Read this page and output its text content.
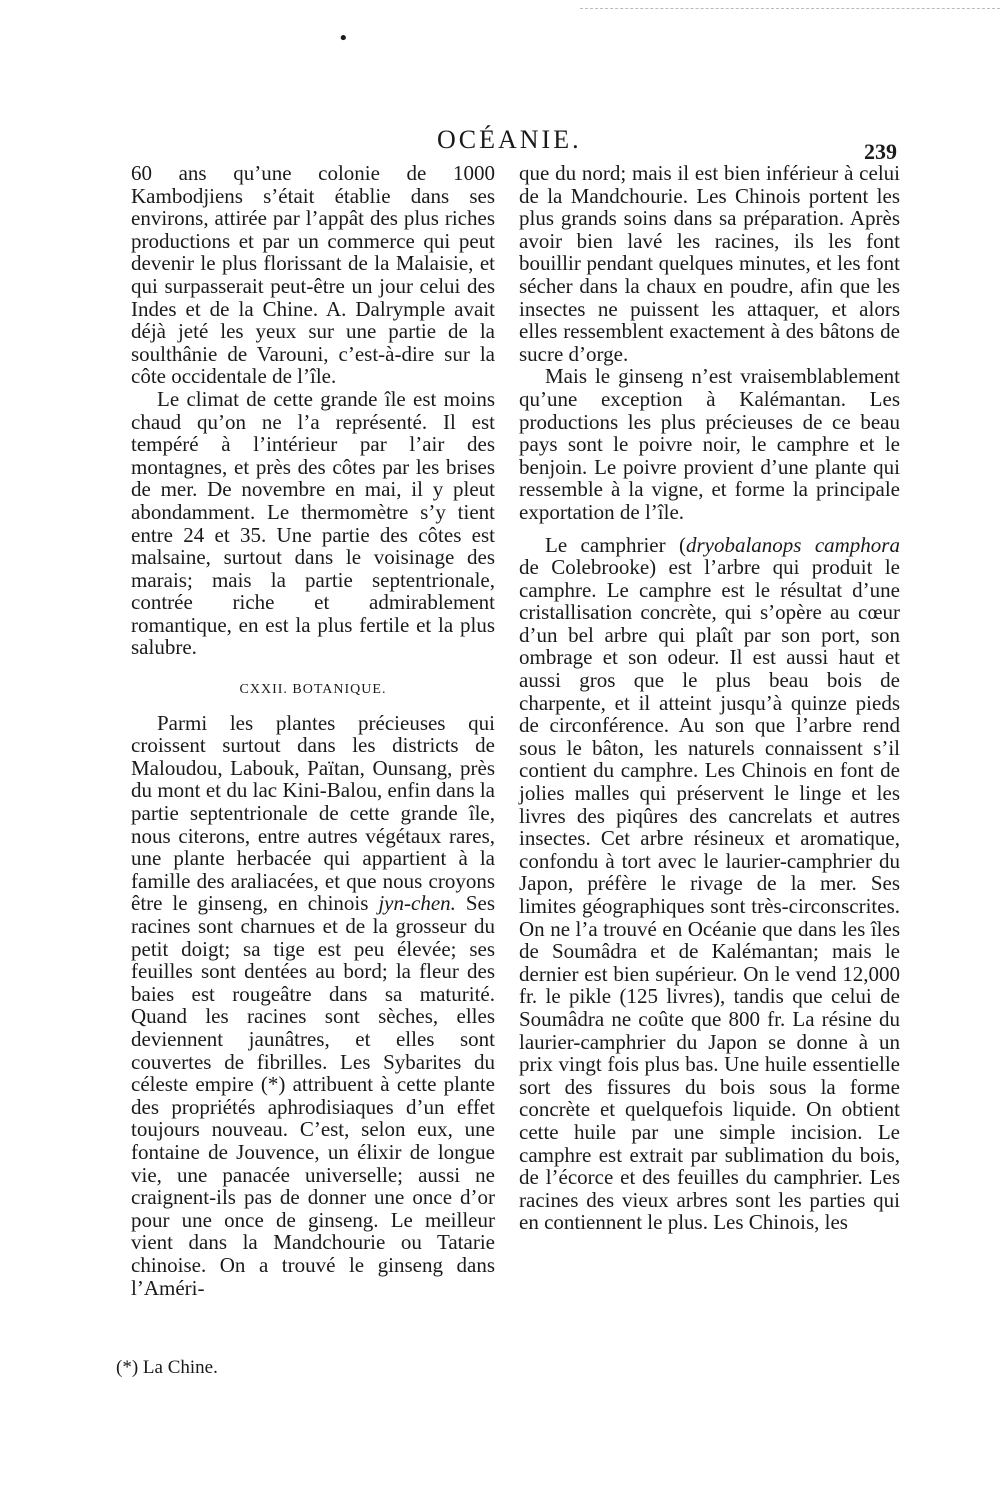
•
OCÉANIE.	239

60 ans qu’une colonie de 1000 Kambodjiens s’était établie dans ses environs, attirée par l’appât des plus riches productions et par un commerce qui peut devenir le plus florissant de la Malaisie, et qui surpasserait peut-être un jour celui des Indes et de la Chine. A. Dalrymple avait déjà jeté les yeux sur une partie de la soulthânie de Varouni, c’est-à-dire sur la côte occidentale de l’île.

Le climat de cette grande île est moins chaud qu’on ne l’a représenté. Il est tempéré à l’intérieur par l’air des montagnes, et près des côtes par les brises de mer. De novembre en mai, il y pleut abondamment. Le thermomètre s’y tient entre 24 et 35. Une partie des côtes est malsaine, surtout dans le voisinage des marais; mais la partie septentrionale, contrée riche et admirablement romantique, en est la plus fertile et la plus salubre.

CXXII. BOTANIQUE.

Parmi les plantes précieuses qui croissent surtout dans les districts de Maloudou, Labouk, Païtan, Ounsang, près du mont et du lac Kini-Balou, enfin dans la partie septentrionale de cette grande île, nous citerons, entre autres végétaux rares, une plante herbacée qui appartient à la famille des araliacées, et que nous croyons être le ginseng, en chinois jyn-chen. Ses racines sont charnues et de la grosseur du petit doigt; sa tige est peu élevée; ses feuilles sont dentées au bord; la fleur des baies est rougeâtre dans sa maturité. Quand les racines sont sèches, elles deviennent jaunâtres, et elles sont couvertes de fibrilles. Les Sybarites du céleste empire (*) attribuent à cette plante des propriétés aphrodisiaques d’un effet toujours nouveau. C’est, selon eux, une fontaine de Jouvence, un élixir de longue vie, une panacée universelle; aussi ne craignent-ils pas de donner une once d’or pour une once de ginseng. Le meilleur vient dans la Mandchourie ou Tatarie chinoise. On a trouvé le ginseng dans l’Améri-

que du nord; mais il est bien inférieur à celui de la Mandchourie. Les Chinois portent les plus grands soins dans sa préparation. Après avoir bien lavé les racines, ils les font bouillir pendant quelques minutes, et les font sécher dans la chaux en poudre, afin que les insectes ne puissent les attaquer, et alors elles ressemblent exactement à des bâtons de sucre d’orge.

Mais le ginseng n’est vraisemblablement qu’une exception à Kalémantan. Les productions les plus précieuses de ce beau pays sont le poivre noir, le camphre et le benjoin. Le poivre provient d’une plante qui ressemble à la vigne, et forme la principale exportation de l’île.

Le camphrier (dryobalanops camphora de Colebrooke) est l’arbre qui produit le camphre. Le camphre est le résultat d’une cristallisation concrète, qui s’opère au cœur d’un bel arbre qui plaît par son port, son ombrage et son odeur. Il est aussi haut et aussi gros que le plus beau bois de charpente, et il atteint jusqu’à quinze pieds de circonférence. Au son que l’arbre rend sous le bâton, les naturels connaissent s’il contient du camphre. Les Chinois en font de jolies malles qui préservent le linge et les livres des piqûres des cancrelats et autres insectes. Cet arbre résineux et aromatique, confondu à tort avec le laurier-camphrier du Japon, préfère le rivage de la mer. Ses limites géographiques sont très-circonscrites. On ne l’a trouvé en Océanie que dans les îles de Soumâdra et de Kalémantan; mais le dernier est bien supérieur. On le vend 12,000 fr. le pikle (125 livres), tandis que celui de Soumâdra ne coûte que 800 fr. La résine du laurier-camphrier du Japon se donne à un prix vingt fois plus bas. Une huile essentielle sort des fissures du bois sous la forme concrète et quelquefois liquide. On obtient cette huile par une simple incision. Le camphre est extrait par sublimation du bois, de l’écorce et des feuilles du camphrier. Les racines des vieux arbres sont les parties qui en contiennent le plus. Les Chinois, les

(*) La Chine.
